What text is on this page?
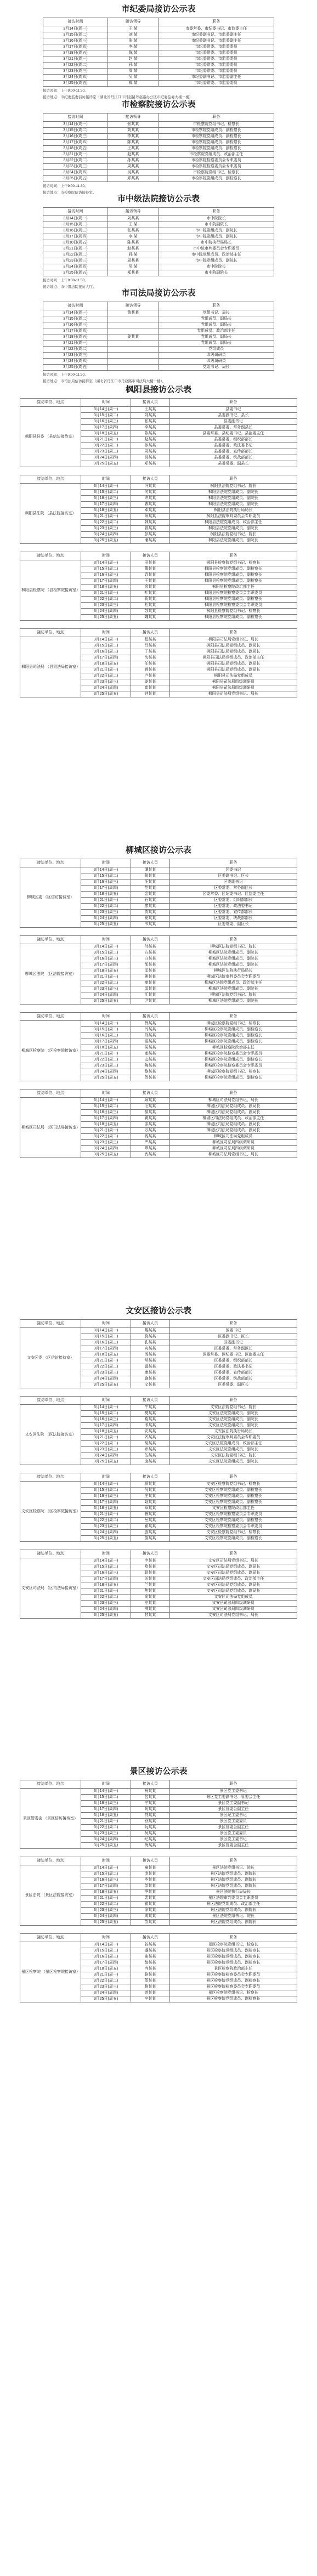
市纪委局接访公示表
接访时间	接访领导	职务
3月14日(周一)	王 某	市委常委、市纪委书记、市监委主任
3月15日(周二)	刘 某	市纪委副书记、市监委副主任
3月16日(周三)	张 某	市纪委副书记、市监委副主任
3月17日(周四)	李 某	市纪委常委、市监委委员
3月18日(周五)	陈 某	市纪委常委、市监委委员
3月21日(周一)	赵 某	市纪委常委、市监委委员
3月22日(周二)	孙 某	市纪委常委、市监委委员
3月23日(周三)	周 某	市纪委常委、市监委委员
3月24日(周四)	吴 某	市纪委副书记、市监委副主任
3月25日(周五)	郑 某	市纪委常委、市监委委员
接访时间：上午9:00-11:30。
接访地点：市纪委监委信访接待室（湖北省丹江口市丹赵路丹赵路办公区市纪委监委大楼一楼）
市检察院接访公示表
接访时间	接访领导	职务
3月14日(周一)	张某某	市检察院党组书记、检察长
3月15日(周二)	刘某某	市检察院党组成员、副检察长
3月16日(周三)	李某某	市检察院党组成员、副检察长
3月17日(周四)	陈某某	市检察院党组成员、副检察长
3月18日(周五)	王某某	市检察院党组成员、副检察长
3月21日(周一)	赵某某	市检察院党组成员、政治部主任
3月22日(周二)	孙某某	市检察院检察委员会专职委员
3月23日(周三)	周某某	市检察院检察委员会专职委员
3月24日(周四)	吴某某	市检察院党组书记、检察长
3月25日(周五)	郑某某	市检察院党组成员、副检察长
接访时间：上午9:00-11:30。
接访地点：市检察院信访接待室。
市中级法院接访公示表
接访时间	接访领导	职务
3月14日(周一)	刘某某	市中院院长
3月15日(周二)	王 某	市中院副院长
3月16日(周三)	张某某	市中院党组成员、副院长
3月17日(周四)	李 某	市中院党组成员、副院长
3月18日(周五)	陈某某	市中院执行局局长
3月21日(周一)	赵某某	市中院审判委员会专职委员
3月22日(周二)	孙 某	市中院党组成员、政治部主任
3月23日(周三)	周某某	市中院党组成员、副院长
3月24日(周四)	吴 某	市中院院长
3月25日(周五)	郑某某	市中院副院长
接访时间：上午9:00-11:30。
接访地点：市中级法院接访大厅。
市司法局接访公示表
接访时间	接访领导	职务
3月14日(周一)	黄某某	党组书记、局长
3月15日(周二)		党组成员、副局长
3月16日(周三)		党组成员、副局长
3月17日(周四)		党组成员、政治部主任
3月18日(周五)	姜某某	党组成员、副局长
3月21日(周一)		党组成员、副局长
3月22日(周二)		党组成员
3月23日(周三)		四级调研员
3月24日(周四)		四级调研员
3月25日(周五)		党组书记、局长
接访时间：上午9:00-11:30。
接访地点：市司法局信访接待室（湖北省丹江口市丹赵路市司法局大楼一楼）。
枫阳县接访公示表
接访单位、地点	时间	接访人员	职务
枫阳县县委 （县信访接待室）	3月14日(周一)	王某某	县委书记
	3月15日(周二)	刘某某	县委副书记、县长
	3月16日(周三)	张某某	县委副书记
	3月17日(周四)	李某某	县委常委、常务副县长
	3月18日(周五)	陈某某	县委常委、县纪委书记、县监委主任
	3月21日(周一)	赵某某	县委常委、组织部部长
	3月22日(周二)	孙某某	县委常委、政法委书记
	3月23日(周三)	周某某	县委常委、宣传部部长
	3月24日(周四)	吴某某	县委常委、统战部部长
	3月25日(周五)	郑某某	县委常委、副县长
接访单位、地点	时间	接访人员	职务
枫阳县法院 （县法院接访室）	3月14日(周一)	冯某某	枫阳县法院党组书记、院长
	3月15日(周二)	何某某	枫阳县法院党组成员、副院长
	3月16日(周三)	许某某	枫阳县法院党组成员、副院长
	3月17日(周四)	曹某某	枫阳县法院党组成员、副院长
	3月18日(周五)	邓某某	枫阳县法院执行局局长
	3月21日(周一)	萧某某	枫阳县法院审判委员会专职委员
	3月22日(周二)	韩某某	枫阳县法院党组成员、政治部主任
	3月23日(周三)	曾某某	枫阳县法院党组成员、副院长
	3月24日(周四)	彭某某	枫阳县法院党组书记、院长
	3月25日(周五)	潘某某	枫阳县法院党组成员、副院长
接访单位、地点	时间	接访人员	职务
枫阳县检察院 （县检察院接访室）	3月14日(周一)	田某某	枫阳县检察院党组书记、检察长
	3月15日(周二)	董某某	枫阳县检察院党组成员、副检察长
	3月16日(周三)	袁某某	枫阳县检察院党组成员、副检察长
	3月17日(周四)	于某某	枫阳县检察院党组成员、副检察长
	3月18日(周五)	余某某	枫阳县检察院政治部主任
	3月21日(周一)	叶某某	枫阳县检察院检察委员会专职委员
	3月22日(周二)	蒋某某	枫阳县检察院党组成员、副检察长
	3月23日(周三)	杜某某	枫阳县检察院检察委员会专职委员
	3月24日(周四)	苏某某	枫阳县检察院党组书记、检察长
	3月25日(周五)	魏某某	枫阳县检察院党组成员、副检察长
接访单位、地点	时间	接访人员	职务
枫阳县司法局 （县司法局接访室）	3月14日(周一)	程某某	枫阳县司法局党组书记、局长
	3月15日(周二)	吕某某	枫阳县司法局党组成员、副局长
	3月16日(周三)	丁某某	枫阳县司法局党组成员、副局长
	3月17日(周四)	沈某某	枫阳县司法局党组成员、政治部主任
	3月18日(周五)	任某某	枫阳县司法局党组成员、副局长
	3月21日(周一)	姚某某	枫阳县司法局党组成员、副局长
	3月22日(周二)	卢某某	枫阳县司法局党组成员
	3月23日(周三)	姜某某	枫阳县司法局四级调研员
	3月24日(周四)	崔某某	枫阳县司法局四级调研员
	3月25日(周五)	钟某某	枫阳县司法局党组书记、局长
柳城区接访公示表
接访单位、地点	时间	接访人员	职务
柳城区委 （区信访接待室）	3月14日(周一)	谭某某	区委书记
	3月15日(周二)	陆某某	区委副书记、区长
	3月16日(周三)	汪某某	区委副书记
	3月17日(周四)	范某某	区委常委、常务副区长
	3月18日(周五)	金某某	区委常委、区纪委书记、区监委主任
	3月21日(周一)	石某某	区委常委、组织部部长
	3月22日(周二)	廖某某	区委常委、政法委书记
	3月23日(周三)	贾某某	区委常委、宣传部部长
	3月24日(周四)	夏某某	区委常委、统战部部长
	3月25日(周五)	韦某某	区委常委、副区长
接访单位、地点	时间	接访人员	职务
柳城区法院 （区法院接访室）	3月14日(周一)	付某某	柳城区法院党组书记、院长
	3月15日(周二)	方某某	柳城区法院党组成员、副院长
	3月16日(周三)	白某某	柳城区法院党组成员、副院长
	3月17日(周四)	邹某某	柳城区法院党组成员、副院长
	3月18日(周五)	孟某某	柳城区法院执行局局长
	3月21日(周一)	熊某某	柳城区法院审判委员会专职委员
	3月22日(周二)	秦某某	柳城区法院党组成员、政治部主任
	3月23日(周三)	邱某某	柳城区法院党组成员、副院长
	3月24日(周四)	江某某	柳城区法院党组书记、院长
	3月25日(周五)	尹某某	柳城区法院党组成员、副院长
接访单位、地点	时间	接访人员	职务
柳城区检察院 （区检察院接访室）	3月14日(周一)	薛某某	柳城区检察院党组书记、检察长
	3月15日(周二)	闫某某	柳城区检察院党组成员、副检察长
	3月16日(周三)	段某某	柳城区检察院党组成员、副检察长
	3月17日(周四)	雷某某	柳城区检察院党组成员、副检察长
	3月18日(周五)	侯某某	柳城区检察院政治部主任
	3月21日(周一)	龙某某	柳城区检察院检察委员会专职委员
	3月22日(周二)	史某某	柳城区检察院党组成员、副检察长
	3月23日(周三)	陶某某	柳城区检察院检察委员会专职委员
	3月24日(周四)	黎某某	柳城区检察院党组书记、检察长
	3月25日(周五)	贺某某	柳城区检察院党组成员、副检察长
接访单位、地点	时间	接访人员	职务
柳城区司法局 （区司法局接访室）	3月14日(周一)	顾某某	柳城区司法局党组书记、局长
	3月15日(周二)	毛某某	柳城区司法局党组成员、副局长
	3月16日(周三)	郝某某	柳城区司法局党组成员、副局长
	3月17日(周四)	龚某某	柳城区司法局党组成员、政治部主任
	3月18日(周五)	邵某某	柳城区司法局党组成员、副局长
	3月21日(周一)	万某某	柳城区司法局党组成员、副局长
	3月22日(周二)	钱某某	柳城区司法局党组成员
	3月23日(周三)	严某某	柳城区司法局四级调研员
	3月24日(周四)	覃某某	柳城区司法局四级调研员
	3月25日(周五)	武某某	柳城区司法局党组书记、局长
文安区接访公示表
接访单位、地点	时间	接访人员	职务
文安区委 （区信访接待室）	3月14日(周一)	戴某某	区委书记
	3月15日(周二)	莫某某	区委副书记、区长
	3月16日(周三)	孔某某	区委副书记
	3月17日(周四)	向某某	区委常委、常务副区长
	3月18日(周五)	汤某某	区委常委、区纪委书记、区监委主任
	3月21日(周一)	常某某	区委常委、组织部部长
	3月22日(周二)	温某某	区委常委、政法委书记
	3月23日(周三)	康某某	区委常委、宣传部部长
	3月24日(周四)	施某某	区委常委、统战部部长
	3月25日(周五)	文某某	区委常委、副区长
接访单位、地点	时间	接访人员	职务
文安区法院 （区法院接访室）	3月14日(周一)	牛某某	文安区法院党组书记、院长
	3月15日(周二)	樊某某	文安区法院党组成员、副院长
	3月16日(周三)	葛某某	文安区法院党组成员、副院长
	3月17日(周四)	邢某某	文安区法院党组成员、副院长
	3月18日(周五)	安某某	文安区法院执行局局长
	3月21日(周一)	齐某某	文安区法院审判委员会专职委员
	3月22日(周二)	易某某	文安区法院党组成员、政治部主任
	3月23日(周三)	乔某某	文安区法院党组成员、副院长
	3月24日(周四)	伍某某	文安区法院党组书记、院长
	3月25日(周五)	庞某某	文安区法院党组成员、副院长
接访单位、地点	时间	接访人员	职务
文安区检察院 （区检察院接访室）	3月14日(周一)	颜某某	文安区检察院党组书记、检察长
	3月15日(周二)	倪某某	文安区检察院党组成员、副检察长
	3月16日(周三)	庄某某	文安区检察院党组成员、副检察长
	3月17日(周四)	聂某某	文安区检察院党组成员、副检察长
	3月18日(周五)	章某某	文安区检察院政治部主任
	3月21日(周一)	鲁某某	文安区检察院检察委员会专职委员
	3月22日(周二)	岳某某	文安区检察院党组成员、副检察长
	3月23日(周三)	翟某某	文安区检察院检察委员会专职委员
	3月24日(周四)	殷某某	文安区检察院党组书记、检察长
	3月25日(周五)	詹某某	文安区检察院党组成员、副检察长
接访单位、地点	时间	接访人员	职务
文安区司法局 （区司法局接访室）	3月14日(周一)	申某某	文安区司法局党组书记、局长
	3月15日(周二)	欧某某	文安区司法局党组成员、副局长
	3月16日(周三)	耿某某	文安区司法局党组成员、副局长
	3月17日(周四)	关某某	文安区司法局党组成员、政治部主任
	3月18日(周五)	兰某某	文安区司法局党组成员、副局长
	3月21日(周一)	焦某某	文安区司法局党组成员、副局长
	3月22日(周二)	俞某某	文安区司法局党组成员
	3月23日(周三)	左某某	文安区司法局四级调研员
	3月24日(周四)	柳某某	文安区司法局四级调研员
	3月25日(周五)	甘某某	文安区司法局党组书记、局长
景区接访公示表
接访单位、地点	时间	接访人员	职务
景区管委会 （景区信访接待室）	3月14日(周一)	祝某某	景区党工委书记
	3月15日(周二)	包某某	景区党工委副书记、管委会主任
	3月16日(周三)	宁某某	景区党工委副书记
	3月17日(周四)	尚某某	景区管委会副主任
	3月18日(周五)	符某某	景区纪工委书记
	3月21日(周一)	舒某某	景区党工委委员
	3月22日(周二)	阮某某	景区管委会副主任
	3月23日(周三)	柯某某	景区党工委委员
	3月24日(周四)	纪某某	景区党工委书记
	3月25日(周五)	梅某某	景区管委会副主任
接访单位、地点	时间	接访人员	职务
景区法院 （景区法院接访室）	3月14日(周一)	童某某	景区法院党组书记、院长
	3月15日(周二)	凌某某	景区法院党组成员、副院长
	3月16日(周三)	毕某某	景区法院党组成员、副院长
	3月17日(周四)	单某某	景区法院党组成员、副院长
	3月18日(周五)	季某某	景区法院执行局局长
	3月21日(周一)	裴某某	景区法院审判委员会专职委员
	3月22日(周二)	霍某某	景区法院党组成员、政治部主任
	3月23日(周三)	涂某某	景区法院党组成员、副院长
	3月24日(周四)	成某某	景区法院党组书记、院长
	3月25日(周五)	苗某某	景区法院党组成员、副院长
接访单位、地点	时间	接访人员	职务
景区检察院 （景区检察院接访室）	3月14日(周一)	谷某某	景区检察院党组书记、检察长
	3月15日(周二)	盛某某	景区检察院党组成员、副检察长
	3月16日(周三)	曲某某	景区检察院党组成员、副检察长
	3月17日(周四)	翁某某	景区检察院党组成员、副检察长
	3月18日(周五)	冉某某	景区检察院政治部主任
	3月21日(周一)	骆某某	景区检察院检察委员会专职委员
	3月22日(周二)	蓝某某	景区检察院党组成员、副检察长
	3月23日(周三)	路某某	景区检察院检察委员会专职委员
	3月24日(周四)	游某某	景区检察院党组书记、检察长
	3月25日(周五)	辛某某	景区检察院党组成员、副检察长
